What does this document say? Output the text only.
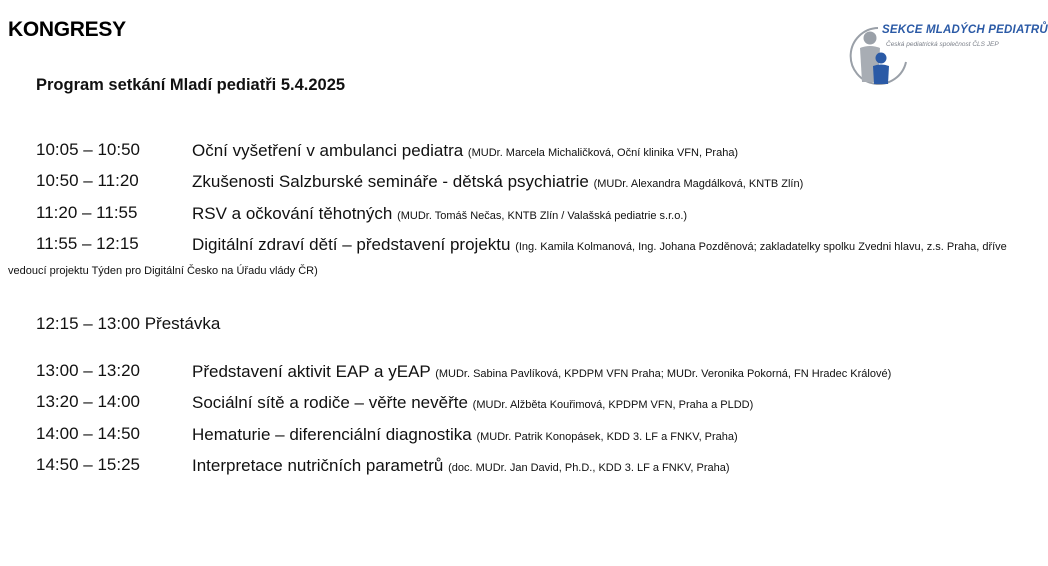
KONGRESY	SEKCE MLADÝCH PEDIATRŮ
Česká pediatrická společnost ČLS JEP
Program setkání Mladí pediatři 5.4.2025
10:05 – 10:50	Oční vyšetření v ambulanci pediatra (MUDr. Marcela Michaličková, Oční klinika VFN, Praha)
10:50 – 11:20	Zkušenosti Salzburské semináře - dětská psychiatrie (MUDr. Alexandra Magdálková, KNTB Zlín)
11:20 – 11:55	RSV a očkování těhotných (MUDr. Tomáš Nečas, KNTB Zlín / Valašská pediatrie s.r.o.)
11:55 – 12:15	Digitální zdraví dětí – představení projektu (Ing. Kamila Kolmanová, Ing. Johana Pozděnová; zakladatelky spolku Zvedni hlavu, z.s. Praha, dříve vedoucí projektu Týden pro Digitální Česko na Úřadu vlády ČR)
12:15 – 13:00 Přestávka
13:00 – 13:20	Představení aktivit EAP a yEAP (MUDr. Sabina Pavlíková, KPDPM VFN Praha; MUDr. Veronika Pokorná, FN Hradec Králové)
13:20 – 14:00	Sociální sítě a rodiče – věřte nevěřte (MUDr. Alžběta Kouřimová, KPDPM VFN, Praha a PLDD)
14:00 – 14:50	Hematurie – diferenciální diagnostika (MUDr. Patrik Konopásek, KDD 3. LF a FNKV, Praha)
14:50 – 15:25	Interpretace nutričních parametrů (doc. MUDr. Jan David, Ph.D., KDD 3. LF a FNKV, Praha)
